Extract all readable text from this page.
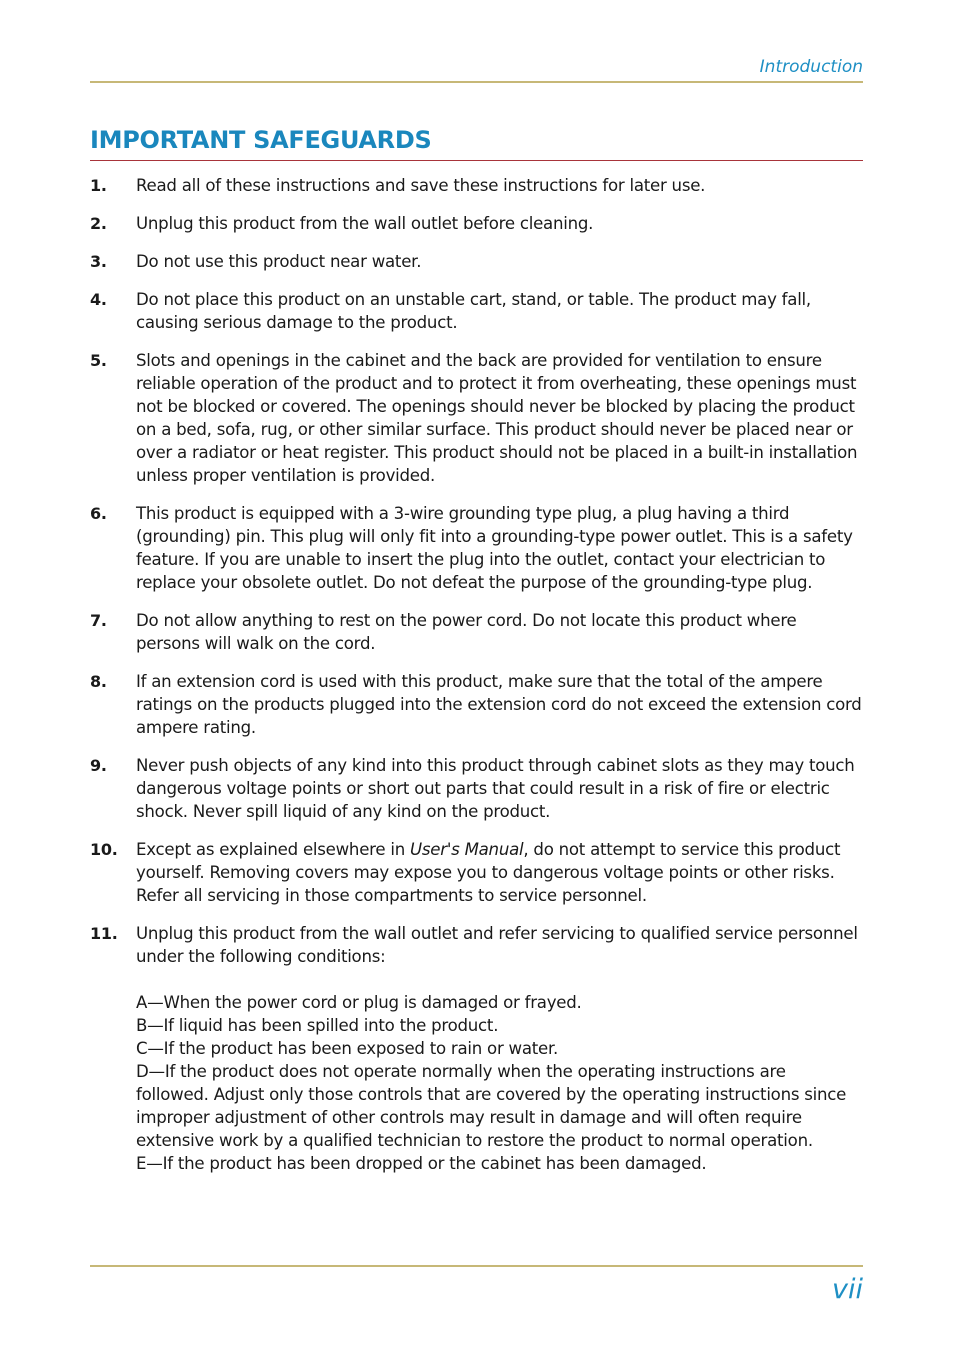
Introduction
IMPORTANT SAFEGUARDS
1.	Read all of these instructions and save these instructions for later use.
2.	Unplug this product from the wall outlet before cleaning.
3.	Do not use this product near water.
4.	Do not place this product on an unstable cart, stand, or table. The product may fall, causing serious damage to the product.
5.	Slots and openings in the cabinet and the back are provided for ventilation to ensure reliable operation of the product and to protect it from overheating, these openings must not be blocked or covered. The openings should never be blocked by placing the product on a bed, sofa, rug, or other similar surface. This product should never be placed near or over a radiator or heat register. This product should not be placed in a built-in installation unless proper ventilation is provided.
6.	This product is equipped with a 3-wire grounding type plug, a plug having a third (grounding) pin. This plug will only fit into a grounding-type power outlet. This is a safety feature. If you are unable to insert the plug into the outlet, contact your electrician to replace your obsolete outlet. Do not defeat the purpose of the grounding-type plug.
7.	Do not allow anything to rest on the power cord. Do not locate this product where persons will walk on the cord.
8.	If an extension cord is used with this product, make sure that the total of the ampere ratings on the products plugged into the extension cord do not exceed the extension cord ampere rating.
9.	Never push objects of any kind into this product through cabinet slots as they may touch dangerous voltage points or short out parts that could result in a risk of fire or electric shock. Never spill liquid of any kind on the product.
10.	Except as explained elsewhere in User's Manual, do not attempt to service this product yourself. Removing covers may expose you to dangerous voltage points or other risks. Refer all servicing in those compartments to service personnel.
11.	Unplug this product from the wall outlet and refer servicing to qualified service personnel under the following conditions:
A—When the power cord or plug is damaged or frayed.
B—If liquid has been spilled into the product.
C—If the product has been exposed to rain or water.
D—If the product does not operate normally when the operating instructions are followed. Adjust only those controls that are covered by the operating instructions since improper adjustment of other controls may result in damage and will often require extensive work by a qualified technician to restore the product to normal operation.
E—If the product has been dropped or the cabinet has been damaged.
vii
